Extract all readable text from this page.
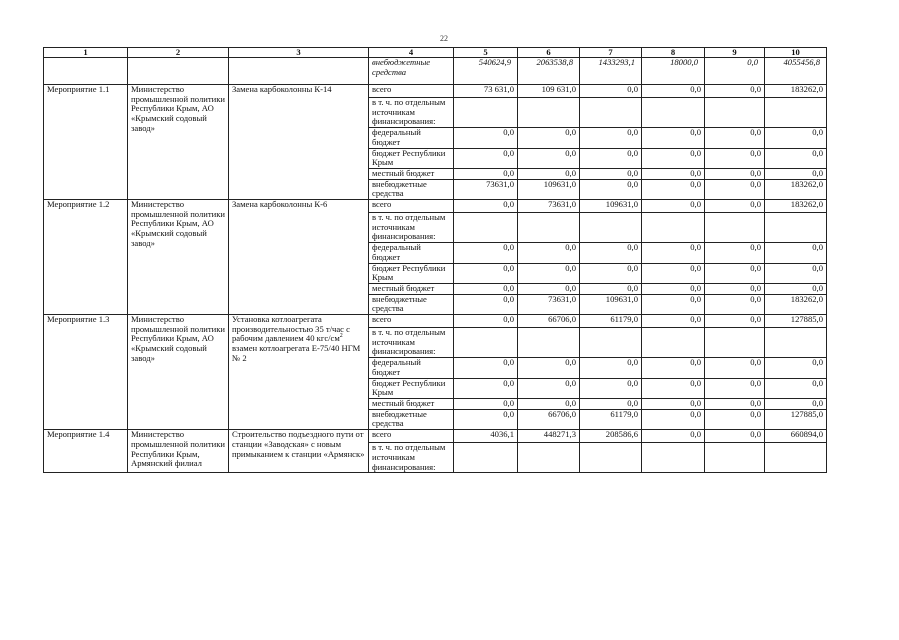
22
1	2	3	4	5	6	7	8	9	10
			внебюджетные средства	540624,9	2063538,8	1433293,1	18000,0	0,0	4055456,8
Мероприятие 1.1	Министерство промышленной политики Республики Крым, АО «Крымский содовый завод»	Замена карбоколонны К-14	всего	73 631,0	109 631,0	0,0	0,0	0,0	183262,0
			в т. ч. по отдельным источникам финансирования:						
			федеральный бюджет	0,0	0,0	0,0	0,0	0,0	0,0
			бюджет Республики Крым	0,0	0,0	0,0	0,0	0,0	0,0
			местный бюджет	0,0	0,0	0,0	0,0	0,0	0,0
			внебюджетные средства	73631,0	109631,0	0,0	0,0	0,0	183262,0
Мероприятие 1.2	Министерство промышленной политики Республики Крым, АО «Крымский содовый завод»	Замена карбоколонны К-6	всего	0,0	73631,0	109631,0	0,0	0,0	183262,0
			в т. ч. по отдельным источникам финансирования:						
			федеральный бюджет	0,0	0,0	0,0	0,0	0,0	0,0
			бюджет Республики Крым	0,0	0,0	0,0	0,0	0,0	0,0
			местный бюджет	0,0	0,0	0,0	0,0	0,0	0,0
			внебюджетные средства	0,0	73631,0	109631,0	0,0	0,0	183262,0
Мероприятие 1.3	Министерство промышленной политики Республики Крым, АО «Крымский содовый завод»	Установка котлоагрегата производительностью 35 т/час с рабочим давлением 40 кгс/$см^2$ взамен котлоагрегата Е-75/40 НГМ № 2	всего	0,0	66706,0	61179,0	0,0	0,0	127885,0
			в т. ч. по отдельным источникам финансирования:						
			федеральный бюджет	0,0	0,0	0,0	0,0	0,0	0,0
			бюджет Республики Крым	0,0	0,0	0,0	0,0	0,0	0,0
			местный бюджет	0,0	0,0	0,0	0,0	0,0	0,0
			внебюджетные средства	0,0	66706,0	61179,0	0,0	0,0	127885,0
Мероприятие 1.4	Министерство промышленной политики Республики Крым, Армянский филиал	Строительство подъездного пути от станции «Заводская» с новым примыканием к станции «Армянск»	всего	4036,1	448271,3	208586,6	0,0	0,0	660894,0
			в т. ч. по отдельным источникам финансирования:						
